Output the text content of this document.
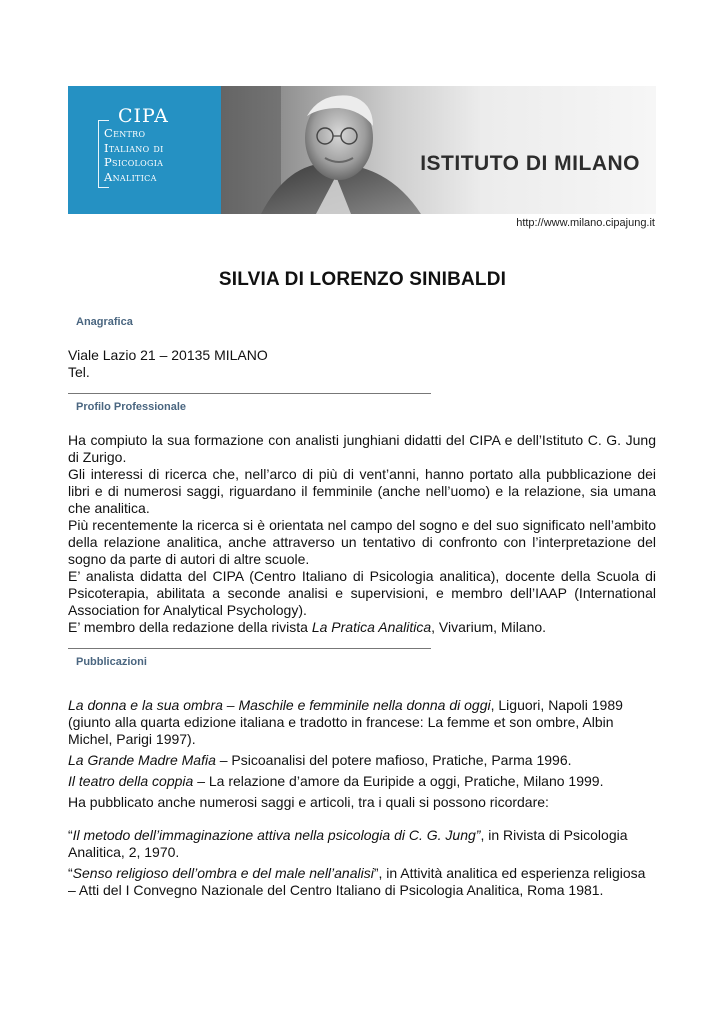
CIPA
Centro
Italiano di
Psicologia
Analitica
ISTITUTO DI MILANO
http://www.milano.cipajung.it
SILVIA DI LORENZO SINIBALDI
Anagrafica

Viale Lazio 21 – 20135 MILANO

Tel.

Profilo Professionale

Ha compiuto la sua formazione con analisti junghiani didatti del CIPA e dell’Istituto C. G. Jung di Zurigo.

Gli interessi di ricerca che, nell’arco di più di vent’anni, hanno portato alla pubblicazione dei libri e di numerosi saggi, riguardano il femminile (anche nell’uomo) e la relazione, sia umana che analitica.

Più recentemente la ricerca si è orientata nel campo del sogno e del suo significato nell’ambito della relazione analitica, anche attraverso un tentativo di confronto con l’interpretazione del sogno da parte di autori di altre scuole.

E’ analista didatta del CIPA (Centro Italiano di Psicologia analitica), docente della Scuola di Psicoterapia, abilitata a seconde analisi e supervisioni, e membro dell’IAAP (International Association for Analytical Psychology).

E’ membro della redazione della rivista La Pratica Analitica, Vivarium, Milano.

Pubblicazioni

La donna e la sua ombra – Maschile e femminile nella donna di oggi, Liguori, Napoli 1989 (giunto alla quarta edizione italiana e tradotto in francese: La femme et son ombre, Albin Michel, Parigi 1997).

La Grande Madre Mafia – Psicoanalisi del potere mafioso, Pratiche, Parma 1996.

Il teatro della coppia – La relazione d’amore da Euripide a oggi, Pratiche, Milano 1999.

Ha pubblicato anche numerosi saggi e articoli, tra i quali si possono ricordare:

“Il metodo dell’immaginazione attiva nella psicologia di C. G. Jung”, in Rivista di Psicologia Analitica, 2, 1970.

“Senso religioso dell’ombra e del male nell’analisi”, in Attività analitica ed esperienza religiosa – Atti del I Convegno Nazionale del Centro Italiano di Psicologia Analitica, Roma 1981.
